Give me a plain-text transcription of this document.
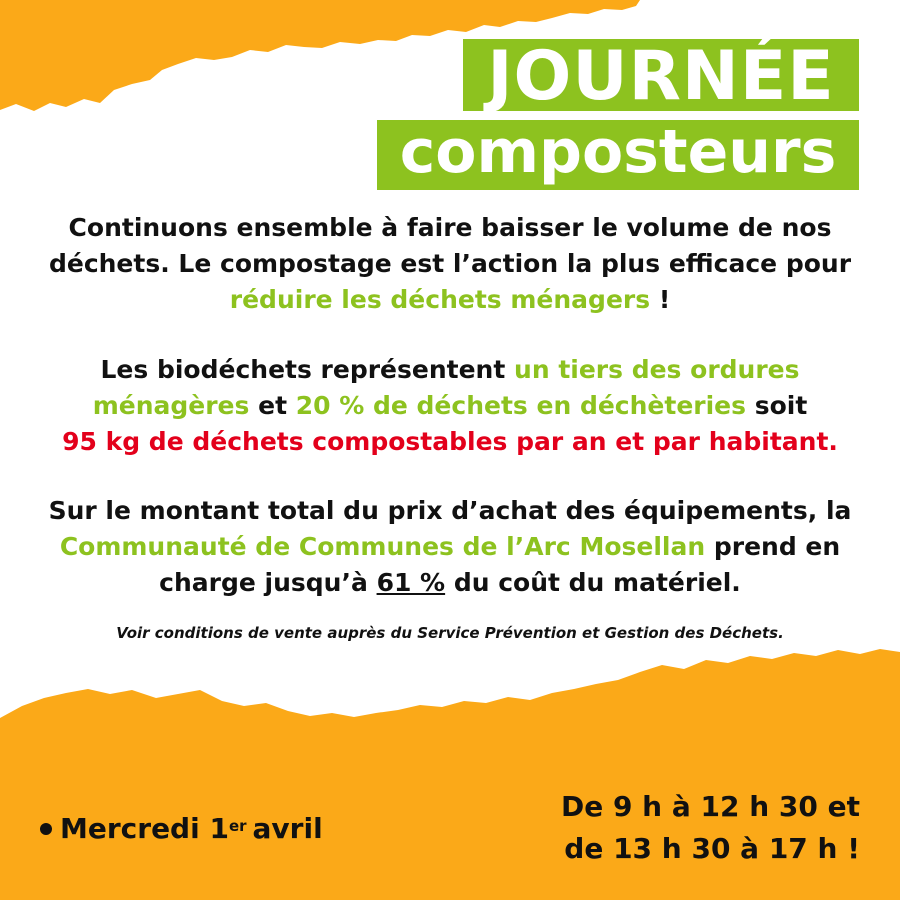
JOURNÉE
composteurs
Continuons ensemble à faire baisser le volume de nos déchets. Le compostage est l’action la plus efficace pour réduire les déchets ménagers !
Les biodéchets représentent un tiers des ordures ménagères et 20 % de déchets en déchèteries soit
95 kg de déchets compostables par an et par habitant.
Sur le montant total du prix d’achat des équipements, la Communauté de Communes de l’Arc Mosellan prend en charge jusqu’à 61 % du coût du matériel.
Voir conditions de vente auprès du Service Prévention et Gestion des Déchets.
Mercredi 1er avril
De 9 h à 12 h 30 et
de 13 h 30 à 17 h !
